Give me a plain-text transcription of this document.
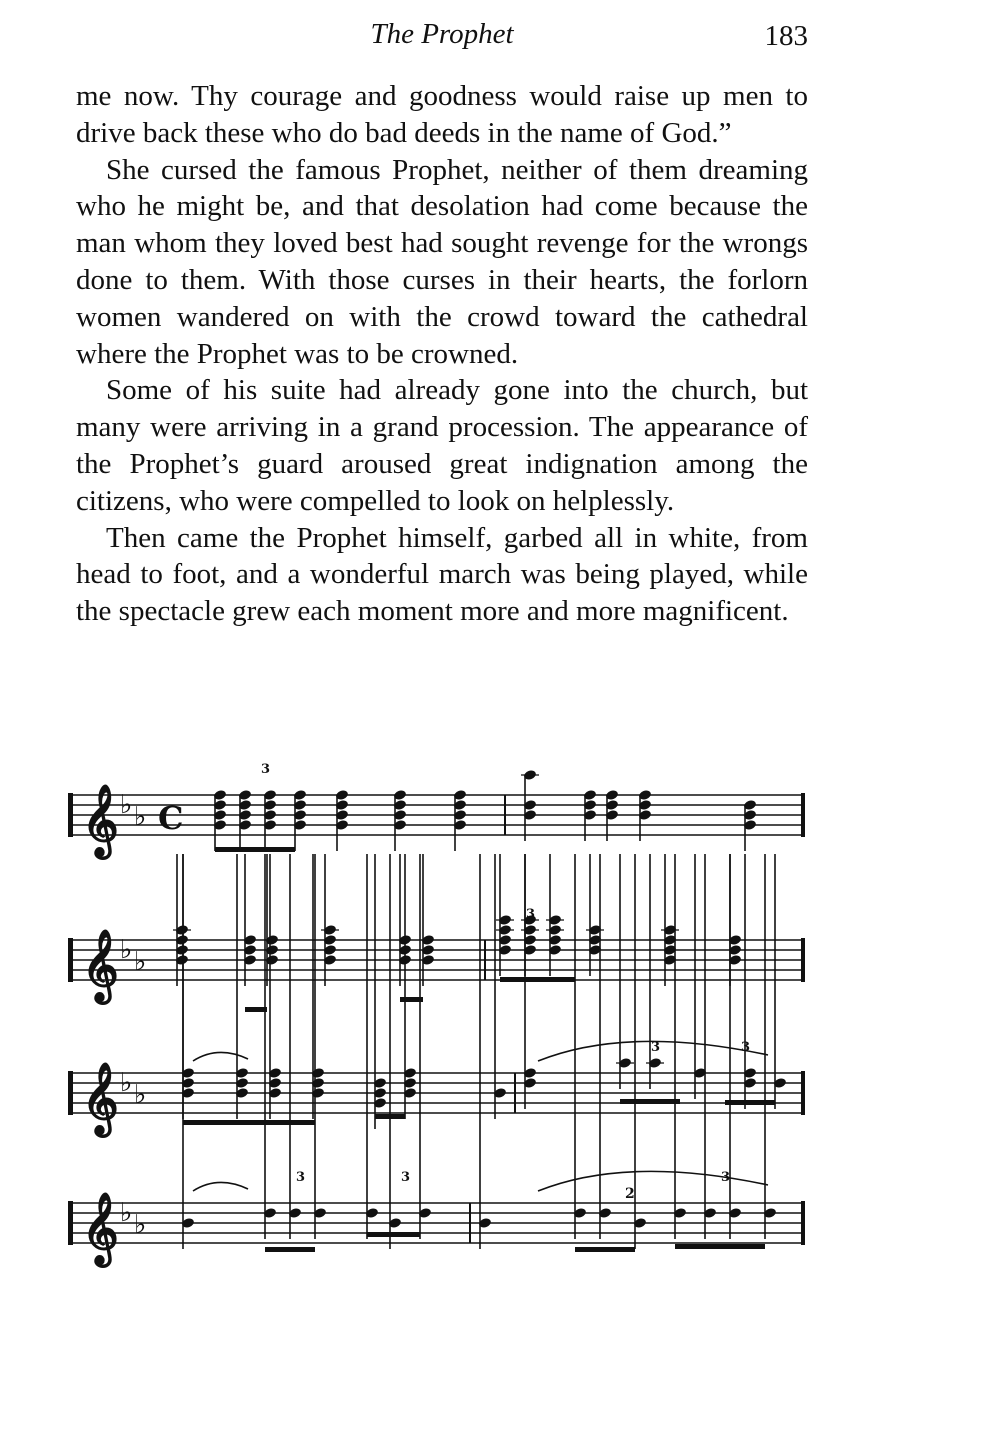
The Prophet	183

me now. Thy courage and goodness would raise up men to drive back these who do bad deeds in the name of God.”

She cursed the famous Prophet, neither of them dreaming who he might be, and that desolation had come because the man whom they loved best had sought revenge for the wrongs done to them. With those curses in their hearts, the forlorn women wandered on with the crowd toward the cathedral where the Prophet was to be crowned.

Some of his suite had already gone into the church, but many were arriving in a grand procession. The appearance of the Prophet’s guard aroused great indignation among the citizens, who were compelled to look on helplessly.

Then came the Prophet himself, garbed all in white, from head to foot, and a wonderful march was being played, while the spectacle grew each moment more and more magnificent.

𝄞 ♭ ♭ C
3
𝄞 ♭ ♭
3
𝄞 ♭ ♭
3	3
𝄞 ♭ ♭
3	3	3
2
